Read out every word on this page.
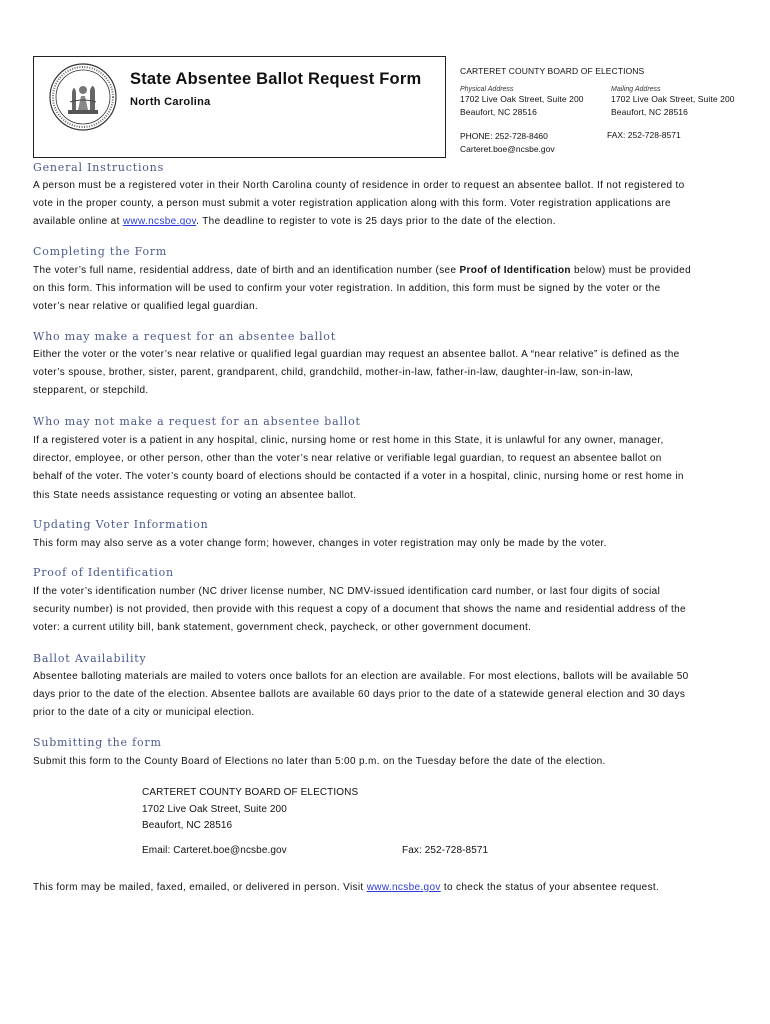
State Absentee Ballot Request Form
North Carolina
CARTERET COUNTY BOARD OF ELECTIONS
Physical Address
1702 Live Oak Street, Suite 200
Beaufort, NC 28516
Mailing Address
1702 Live Oak Street, Suite 200
Beaufort, NC 28516
PHONE: 252-728-8460
Carteret.boe@ncsbe.gov
FAX: 252-728-8571
General Instructions
A person must be a registered voter in their North Carolina county of residence in order to request an absentee ballot. If not registered to
vote in the proper county, a person must submit a voter registration application along with this form. Voter registration applications are
available online at www.ncsbe.gov. The deadline to register to vote is 25 days prior to the date of the election.
Completing the Form
The voter’s full name, residential address, date of birth and an identification number (see Proof of Identification below) must be provided
on this form. This information will be used to confirm your voter registration. In addition, this form must be signed by the voter or the
voter’s near relative or qualified legal guardian.
Who may make a request for an absentee ballot
Either the voter or the voter’s near relative or qualified legal guardian may request an absentee ballot. A “near relative” is defined as the
voter’s spouse, brother, sister, parent, grandparent, child, grandchild, mother-in-law, father-in-law, daughter-in-law, son-in-law,
stepparent, or stepchild.
Who may not make a request for an absentee ballot
If a registered voter is a patient in any hospital, clinic, nursing home or rest home in this State, it is unlawful for any owner, manager,
director, employee, or other person, other than the voter’s near relative or verifiable legal guardian, to request an absentee ballot on
behalf of the voter. The voter’s county board of elections should be contacted if a voter in a hospital, clinic, nursing home or rest home in
this State needs assistance requesting or voting an absentee ballot.
Updating Voter Information
This form may also serve as a voter change form; however, changes in voter registration may only be made by the voter.
Proof of Identification
If the voter’s identification number (NC driver license number, NC DMV-issued identification card number, or last four digits of social
security number) is not provided, then provide with this request a copy of a document that shows the name and residential address of the
voter: a current utility bill, bank statement, government check, paycheck, or other government document.
Ballot Availability
Absentee balloting materials are mailed to voters once ballots for an election are available. For most elections, ballots will be available 50
days prior to the date of the election. Absentee ballots are available 60 days prior to the date of a statewide general election and 30 days
prior to the date of a city or municipal election.
Submitting the form
Submit this form to the County Board of Elections no later than 5:00 p.m. on the Tuesday before the date of the election.
CARTERET COUNTY BOARD OF ELECTIONS
1702 Live Oak Street, Suite 200
Beaufort, NC 28516
Email: Carteret.boe@ncsbe.gov	Fax: 252-728-8571
This form may be mailed, faxed, emailed, or delivered in person. Visit www.ncsbe.gov to check the status of your absentee request.
